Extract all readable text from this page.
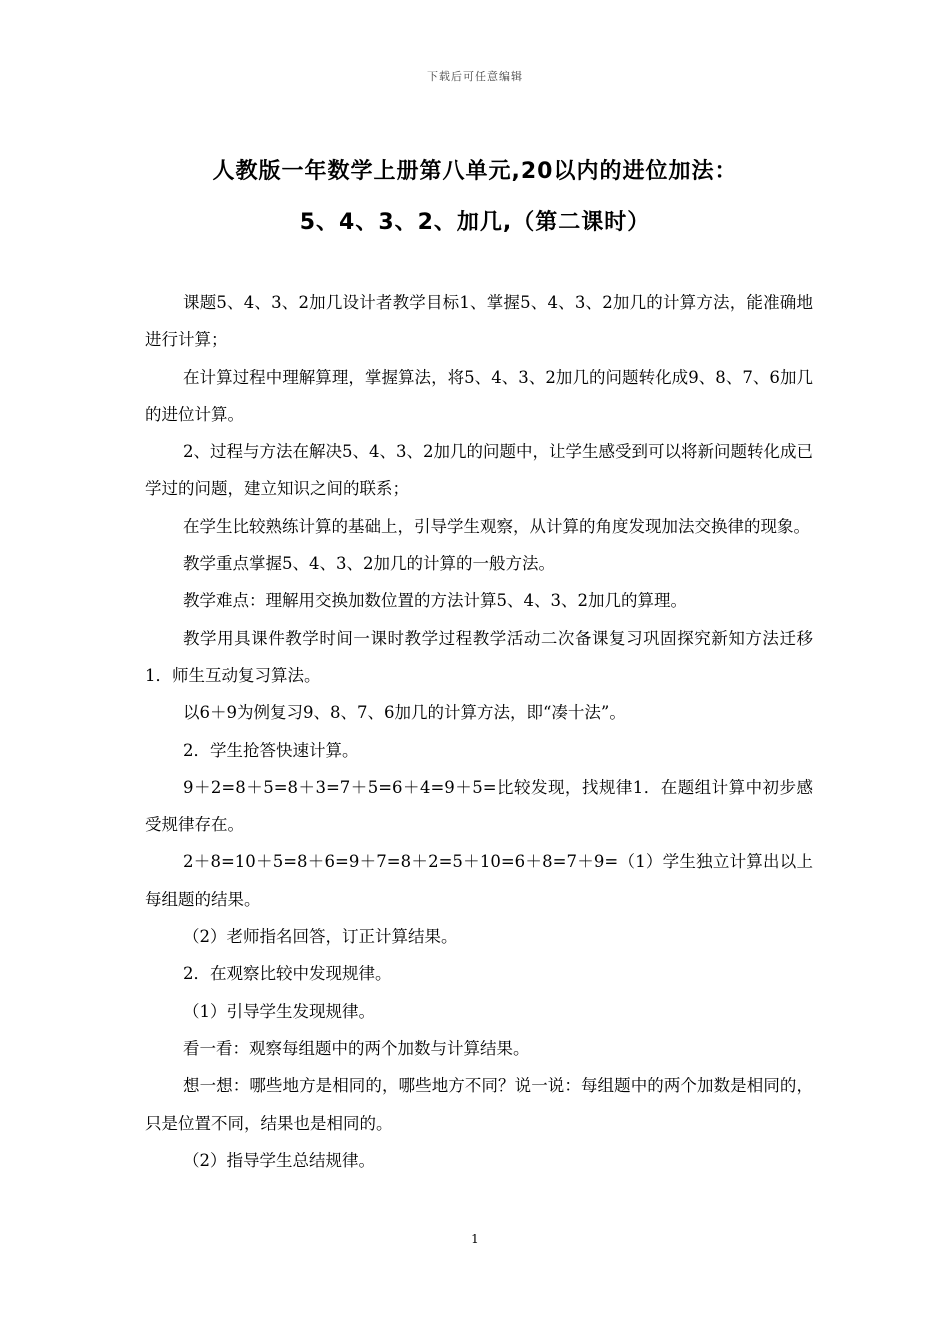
下载后可任意编辑
人教版一年数学上册第八单元,20以内的进位加法：
5、4、3、2、加几,（第二课时）

课题5、4、3、2加几设计者教学目标1、掌握5、4、3、2加几的计算方法，能准确地进行计算；

在计算过程中理解算理，掌握算法，将5、4、3、2加几的问题转化成9、8、7、6加几的进位计算。

2、过程与方法在解决5、4、3、2加几的问题中，让学生感受到可以将新问题转化成已学过的问题，建立知识之间的联系；

在学生比较熟练计算的基础上，引导学生观察，从计算的角度发现加法交换律的现象。

教学重点掌握5、4、3、2加几的计算的一般方法。

教学难点：理解用交换加数位置的方法计算5、4、3、2加几的算理。

教学用具课件教学时间一课时教学过程教学活动二次备课复习巩固探究新知方法迁移1．师生互动复习算法。

以6＋9为例复习9、8、7、6加几的计算方法，即“凑十法”。

2．学生抢答快速计算。

9＋2=8＋5=8＋3=7＋5=6＋4=9＋5=比较发现，找规律1．在题组计算中初步感受规律存在。

2＋8=10＋5=8＋6=9＋7=8＋2=5＋10=6＋8=7＋9=（1）学生独立计算出以上每组题的结果。

（2）老师指名回答，订正计算结果。

2．在观察比较中发现规律。

（1）引导学生发现规律。

看一看：观察每组题中的两个加数与计算结果。

想一想：哪些地方是相同的，哪些地方不同？说一说：每组题中的两个加数是相同的，只是位置不同，结果也是相同的。

（2）指导学生总结规律。

1
